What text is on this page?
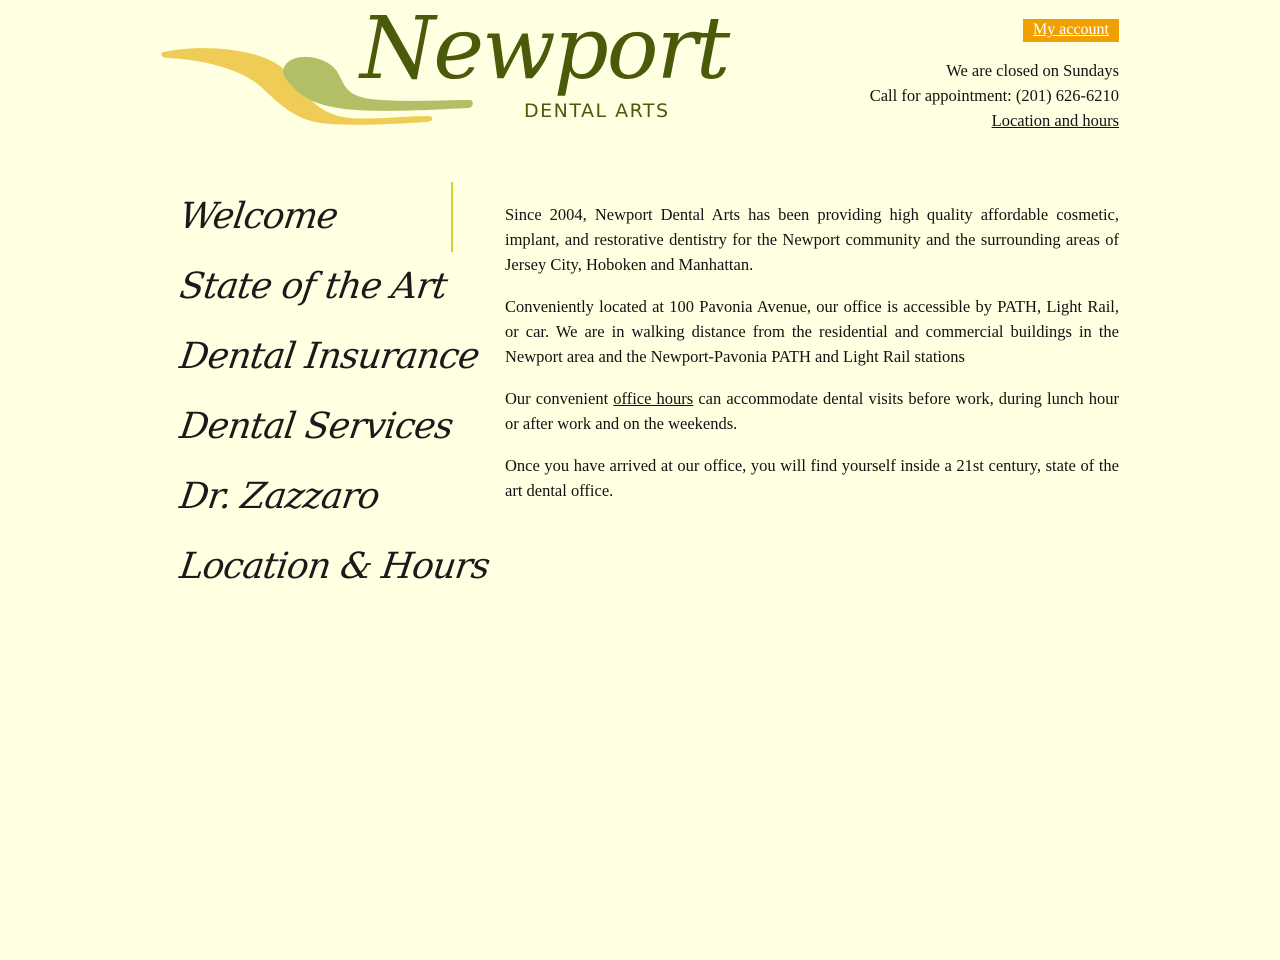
Newport
DENTAL ARTS
My account
We are closed on Sundays
Call for appointment: (201) 626-6210
Location and hours
Welcome
State of the Art
Dental Insurance
Dental Services
Dr. Zazzaro
Location & Hours

Since 2004, Newport Dental Arts has been providing high quality affordable cosmetic, implant, and restorative dentistry for the Newport community and the surrounding areas of Jersey City, Hoboken and Manhattan.

Conveniently located at 100 Pavonia Avenue, our office is accessible by PATH, Light Rail, or car. We are in walking distance from the residential and commercial buildings in the Newport area and the Newport-Pavonia PATH and Light Rail stations

Our convenient office hours can accommodate dental visits before work, during lunch hour or after work and on the weekends.

Once you have arrived at our office, you will find yourself inside a 21st century, state of the art dental office.
